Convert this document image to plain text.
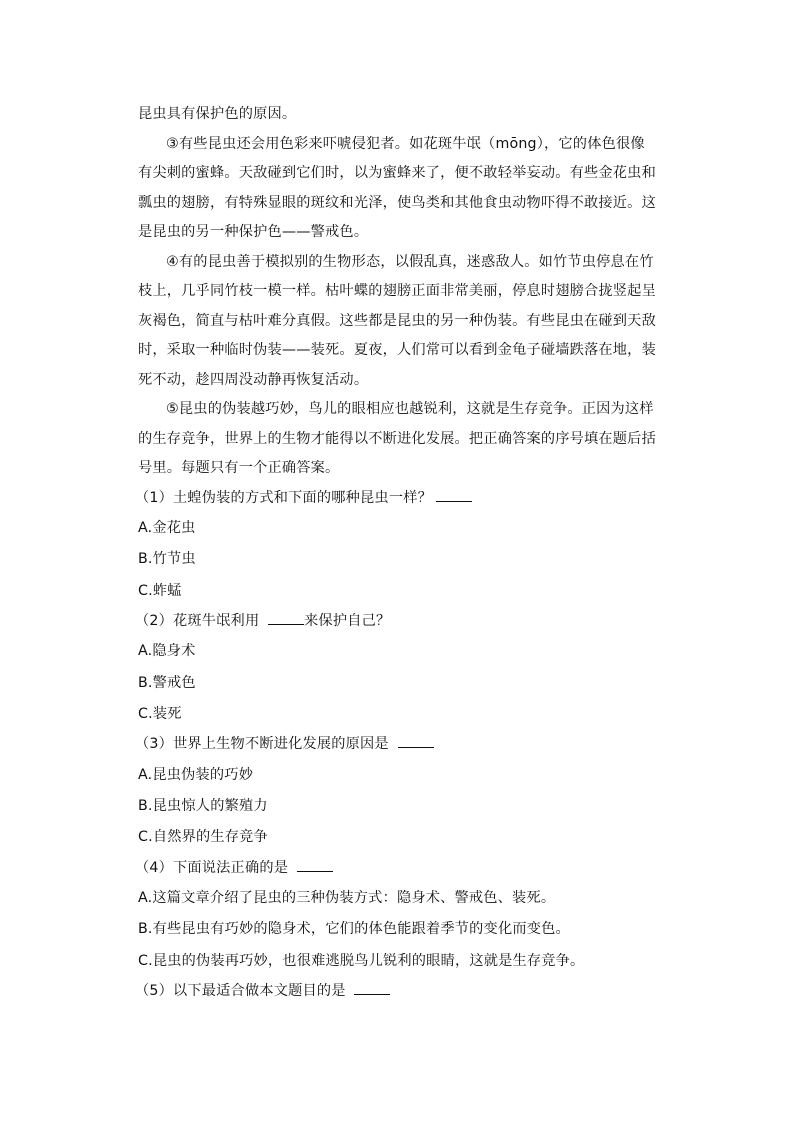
昆虫具有保护色的原因。

③有些昆虫还会用色彩来吓唬侵犯者。如花斑牛氓（mōng），它的体色很像有尖刺的蜜蜂。天敌碰到它们时，以为蜜蜂来了，便不敢轻举妄动。有些金花虫和瓢虫的翅膀，有特殊显眼的斑纹和光泽，使鸟类和其他食虫动物吓得不敢接近。这是昆虫的另一种保护色——警戒色。

④有的昆虫善于模拟别的生物形态，以假乱真，迷惑敌人。如竹节虫停息在竹枝上，几乎同竹枝一模一样。枯叶蝶的翅膀正面非常美丽，停息时翅膀合拢竖起呈灰褐色，简直与枯叶难分真假。这些都是昆虫的另一种伪装。有些昆虫在碰到天敌时，采取一种临时伪装——装死。夏夜，人们常可以看到金龟子碰墙跌落在地，装死不动，趁四周没动静再恢复活动。

⑤昆虫的伪装越巧妙，鸟儿的眼相应也越锐利，这就是生存竞争。正因为这样的生存竞争，世界上的生物才能得以不断进化发展。把正确答案的序号填在题后括号里。每题只有一个正确答案。

（1）土蝗伪装的方式和下面的哪种昆虫一样？

A.金花虫

B.竹节虫

C.蚱蜢

（2）花斑牛氓利用	来保护自己？

A.隐身术

B.警戒色

C.装死

（3）世界上生物不断进化发展的原因是

A.昆虫伪装的巧妙

B.昆虫惊人的繁殖力

C.自然界的生存竞争

（4）下面说法正确的是

A.这篇文章介绍了昆虫的三种伪装方式：隐身术、警戒色、装死。

B.有些昆虫有巧妙的隐身术，它们的体色能跟着季节的变化而变色。

C.昆虫的伪装再巧妙，也很难逃脱鸟儿锐利的眼睛，这就是生存竞争。

（5）以下最适合做本文题目的是
